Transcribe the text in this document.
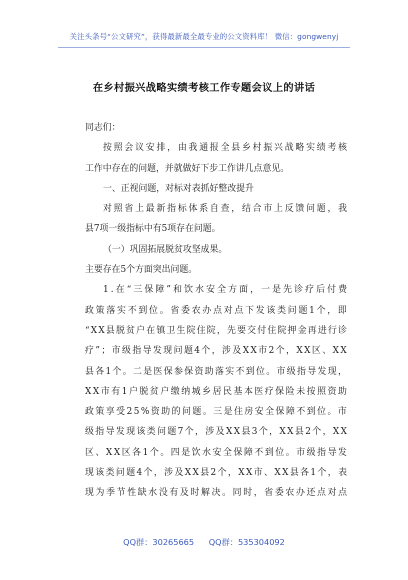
关注头条号“公文研究”，获得最新最全最专业的公文资料库！ 微信：gongwenyj
在乡村振兴战略实绩考核工作专题会议上的讲话
同志们：
按 照 会 议 安 排 ， 由 我 通 报 全 县 乡 村 振 兴 战 略 实 绩 考 核
工作中存在的问题，并就做好下步工作讲几点意见。
一、正视问题，对标对表抓好整改提升
对 照 省 上 最 新 指 标 体 系 自 查 ， 结 合 市 上 反 馈 问 题 ， 我
县7项一级指标中有5项存在问题。
（一）巩固拓展脱贫攻坚成果。
主要存在5个方面突出问题。
1 . 在 “ 三 保 障 ” 和 饮 水 安 全 方 面 ， 一 是 先 诊 疗 后 付 费
政 策 落 实 不 到 位 。 省 委 农 办 点 对 点 下 发 该 类 问 题 1 个 ， 即
“ X X 县 脱 贫 户 在 镇 卫 生 院 住 院 ， 先 要 交 付 住 院 押 金 再 进 行 诊
疗 ” ； 市 级 指 导 发 现 问 题 4 个 ， 涉 及 X X 市 2 个 ， X X 区 、 X X
县 各 1 个 。 二 是 医 保 参 保 资 助 落 实 不 到 位 。 市 级 指 导 发 现 ，
X X 市 有 1 户 脱 贫 户 缴 纳 城 乡 居 民 基 本 医 疗 保 险 未 按 照 资 助
政 策 享 受 2 5 % 资 助 的 问 题 。 三 是 住 房 安 全 保 障 不 到 位 。 市
级 指 导 发 现 该 类 问 题 7 个 ， 涉 及 X X 县 3 个 ， X X 县 2 个 ， X X
区 、 X X 区 各 1 个 。 四 是 饮 水 安 全 保 障 不 到 位 。 市 级 指 导 发
现 该 类 问 题 4 个 ， 涉 及 X X 县 2 个 ， X X 市 、 X X 县 各 1 个 ， 表
现 为 季 节 性 缺 水 没 有 及 时 解 决 。 同 时 ， 省 委 农 办 还 点 对 点
QQ群：30265665 QQ群：535304092
